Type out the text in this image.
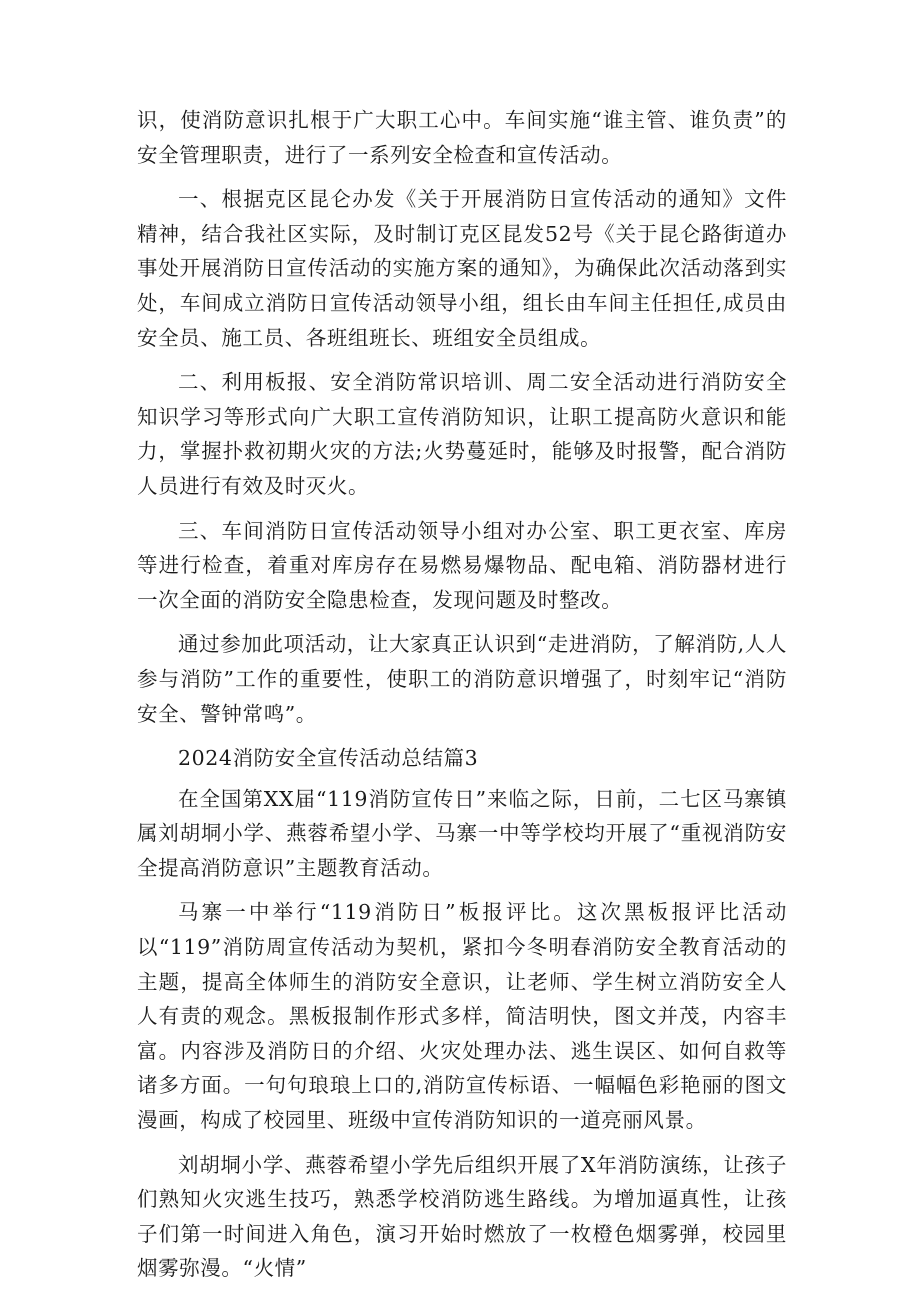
识，使消防意识扎根于广大职工心中。车间实施“谁主管、谁负责”的安全管理职责，进行了一系列安全检查和宣传活动。

一、根据克区昆仑办发《关于开展消防日宣传活动的通知》文件精神，结合我社区实际，及时制订克区昆发52号《关于昆仑路街道办事处开展消防日宣传活动的实施方案的通知》，为确保此次活动落到实处，车间成立消防日宣传活动领导小组，组长由车间主任担任,成员由安全员、施工员、各班组班长、班组安全员组成。

二、利用板报、安全消防常识培训、周二安全活动进行消防安全知识学习等形式向广大职工宣传消防知识，让职工提高防火意识和能力，掌握扑救初期火灾的方法;火势蔓延时，能够及时报警，配合消防人员进行有效及时灭火。

三、车间消防日宣传活动领导小组对办公室、职工更衣室、库房等进行检查，着重对库房存在易燃易爆物品、配电箱、消防器材进行一次全面的消防安全隐患检查，发现问题及时整改。

通过参加此项活动，让大家真正认识到“走进消防，了解消防,人人参与消防”工作的重要性，使职工的消防意识增强了，时刻牢记“消防安全、警钟常鸣”。

2024消防安全宣传活动总结篇3

在全国第XX届“119消防宣传日”来临之际，日前，二七区马寨镇属刘胡垌小学、燕蓉希望小学、马寨一中等学校均开展了“重视消防安全提高消防意识”主题教育活动。

马寨一中举行“119消防日”板报评比。这次黑板报评比活动以“119”消防周宣传活动为契机，紧扣今冬明春消防安全教育活动的主题，提高全体师生的消防安全意识，让老师、学生树立消防安全人人有责的观念。黑板报制作形式多样，简洁明快，图文并茂，内容丰富。内容涉及消防日的介绍、火灾处理办法、逃生误区、如何自救等诸多方面。一句句琅琅上口的,消防宣传标语、一幅幅色彩艳丽的图文漫画，构成了校园里、班级中宣传消防知识的一道亮丽风景。

刘胡垌小学、燕蓉希望小学先后组织开展了X年消防演练，让孩子们熟知火灾逃生技巧，熟悉学校消防逃生路线。为增加逼真性，让孩子们第一时间进入角色，演习开始时燃放了一枚橙色烟雾弹，校园里烟雾弥漫。“火情”
